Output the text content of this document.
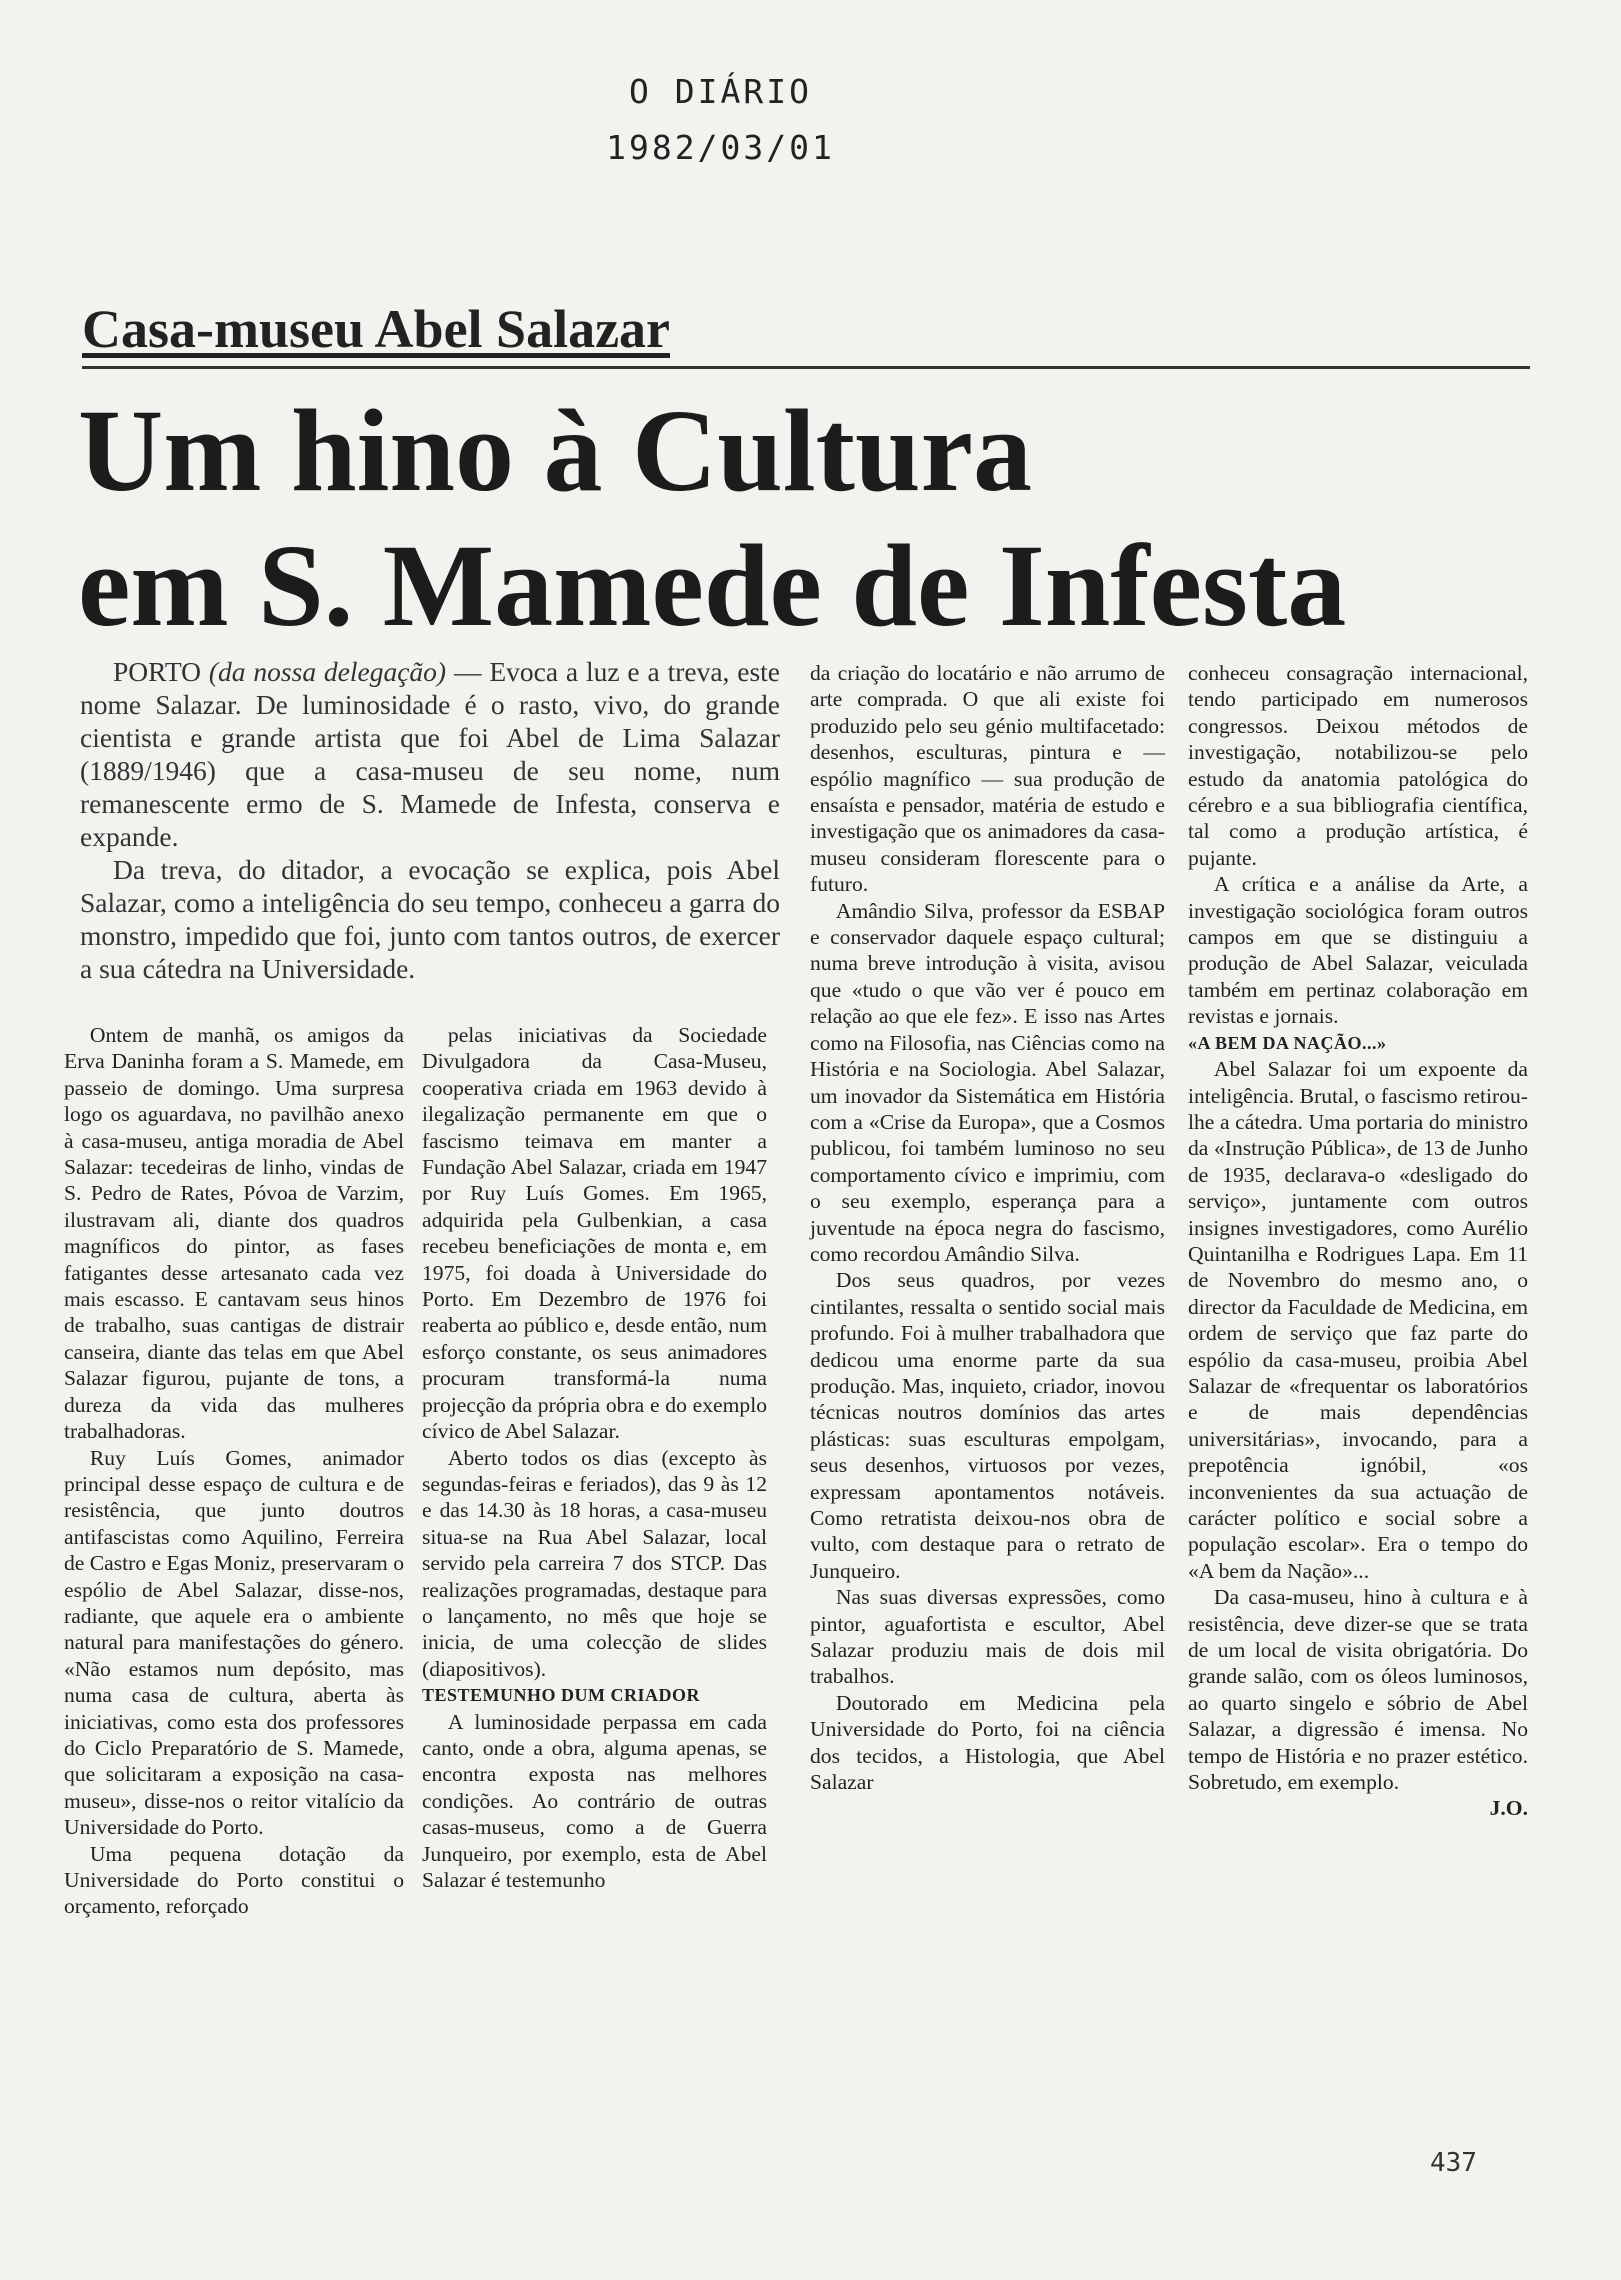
O DIÁRIO
1982/03/01
Casa-museu Abel Salazar
Um hino à Cultura
em S. Mamede de Infesta

PORTO (da nossa delegação) — Evoca a luz e a treva, este nome Salazar. De luminosidade é o rasto, vivo, do grande cientista e grande artista que foi Abel de Lima Salazar (1889/1946) que a casa-museu de seu nome, num remanescente ermo de S. Mamede de Infesta, conserva e expande.

Da treva, do ditador, a evocação se explica, pois Abel Salazar, como a inteligência do seu tempo, conheceu a garra do monstro, impedido que foi, junto com tantos outros, de exercer a sua cátedra na Universidade.

Ontem de manhã, os amigos da Erva Daninha foram a S. Mamede, em passeio de domingo. Uma surpresa logo os aguardava, no pavilhão anexo à casa-museu, antiga moradia de Abel Salazar: tecedeiras de linho, vindas de S. Pedro de Rates, Póvoa de Varzim, ilustravam ali, diante dos quadros magníficos do pintor, as fases fatigantes desse artesanato cada vez mais escasso. E cantavam seus hinos de trabalho, suas cantigas de distrair canseira, diante das telas em que Abel Salazar figurou, pujante de tons, a dureza da vida das mulheres trabalhadoras.

Ruy Luís Gomes, animador principal desse espaço de cultura e de resistência, que junto doutros antifascistas como Aquilino, Ferreira de Castro e Egas Moniz, preservaram o espólio de Abel Salazar, disse-nos, radiante, que aquele era o ambiente natural para manifestações do género. «Não estamos num depósito, mas numa casa de cultura, aberta às iniciativas, como esta dos professores do Ciclo Preparatório de S. Mamede, que solicitaram a exposição na casa-museu», disse-nos o reitor vitalício da Universidade do Porto.

Uma pequena dotação da Universidade do Porto constitui o orçamento, reforçado

pelas iniciativas da Sociedade Divulgadora da Casa-Museu, cooperativa criada em 1963 devido à ilegalização permanente em que o fascismo teimava em manter a Fundação Abel Salazar, criada em 1947 por Ruy Luís Gomes. Em 1965, adquirida pela Gulbenkian, a casa recebeu beneficiações de monta e, em 1975, foi doada à Universidade do Porto. Em Dezembro de 1976 foi reaberta ao público e, desde então, num esforço constante, os seus animadores procuram transformá-la numa projecção da própria obra e do exemplo cívico de Abel Salazar.

Aberto todos os dias (excepto às segundas-feiras e feriados), das 9 às 12 e das 14.30 às 18 horas, a casa-museu situa-se na Rua Abel Salazar, local servido pela carreira 7 dos STCP. Das realizações programadas, destaque para o lançamento, no mês que hoje se inicia, de uma colecção de slides (diapositivos).

TESTEMUNHO DUM CRIADOR

A luminosidade perpassa em cada canto, onde a obra, alguma apenas, se encontra exposta nas melhores condições. Ao contrário de outras casas-museus, como a de Guerra Junqueiro, por exemplo, esta de Abel Salazar é testemunho

da criação do locatário e não arrumo de arte comprada. O que ali existe foi produzido pelo seu génio multifacetado: desenhos, esculturas, pintura e — espólio magnífico — sua produção de ensaísta e pensador, matéria de estudo e investigação que os animadores da casa-museu consideram florescente para o futuro.

Amândio Silva, professor da ESBAP e conservador daquele espaço cultural; numa breve introdução à visita, avisou que «tudo o que vão ver é pouco em relação ao que ele fez». E isso nas Artes como na Filosofia, nas Ciências como na História e na Sociologia. Abel Salazar, um inovador da Sistemática em História com a «Crise da Europa», que a Cosmos publicou, foi também luminoso no seu comportamento cívico e imprimiu, com o seu exemplo, esperança para a juventude na época negra do fascismo, como recordou Amândio Silva.

Dos seus quadros, por vezes cintilantes, ressalta o sentido social mais profundo. Foi à mulher trabalhadora que dedicou uma enorme parte da sua produção. Mas, inquieto, criador, inovou técnicas noutros domínios das artes plásticas: suas esculturas empolgam, seus desenhos, virtuosos por vezes, expressam apontamentos notáveis. Como retratista deixou-nos obra de vulto, com destaque para o retrato de Junqueiro.

Nas suas diversas expressões, como pintor, aguafortista e escultor, Abel Salazar produziu mais de dois mil trabalhos.

Doutorado em Medicina pela Universidade do Porto, foi na ciência dos tecidos, a Histologia, que Abel Salazar

conheceu consagração internacional, tendo participado em numerosos congressos. Deixou métodos de investigação, notabilizou-se pelo estudo da anatomia patológica do cérebro e a sua bibliografia científica, tal como a produção artística, é pujante.

A crítica e a análise da Arte, a investigação sociológica foram outros campos em que se distinguiu a produção de Abel Salazar, veiculada também em pertinaz colaboração em revistas e jornais.

«A BEM DA NAÇÃO...»

Abel Salazar foi um expoente da inteligência. Brutal, o fascismo retirou-lhe a cátedra. Uma portaria do ministro da «Instrução Pública», de 13 de Junho de 1935, declarava-o «desligado do serviço», juntamente com outros insignes investigadores, como Aurélio Quintanilha e Rodrigues Lapa. Em 11 de Novembro do mesmo ano, o director da Faculdade de Medicina, em ordem de serviço que faz parte do espólio da casa-museu, proibia Abel Salazar de «frequentar os laboratórios e de mais dependências universitárias», invocando, para a prepotência ignóbil, «os inconvenientes da sua actuação de carácter político e social sobre a população escolar». Era o tempo do «A bem da Nação»...

Da casa-museu, hino à cultura e à resistência, deve dizer-se que se trata de um local de visita obrigatória. Do grande salão, com os óleos luminosos, ao quarto singelo e sóbrio de Abel Salazar, a digressão é imensa. No tempo de História e no prazer estético. Sobretudo, em exemplo.

J.O.

437
